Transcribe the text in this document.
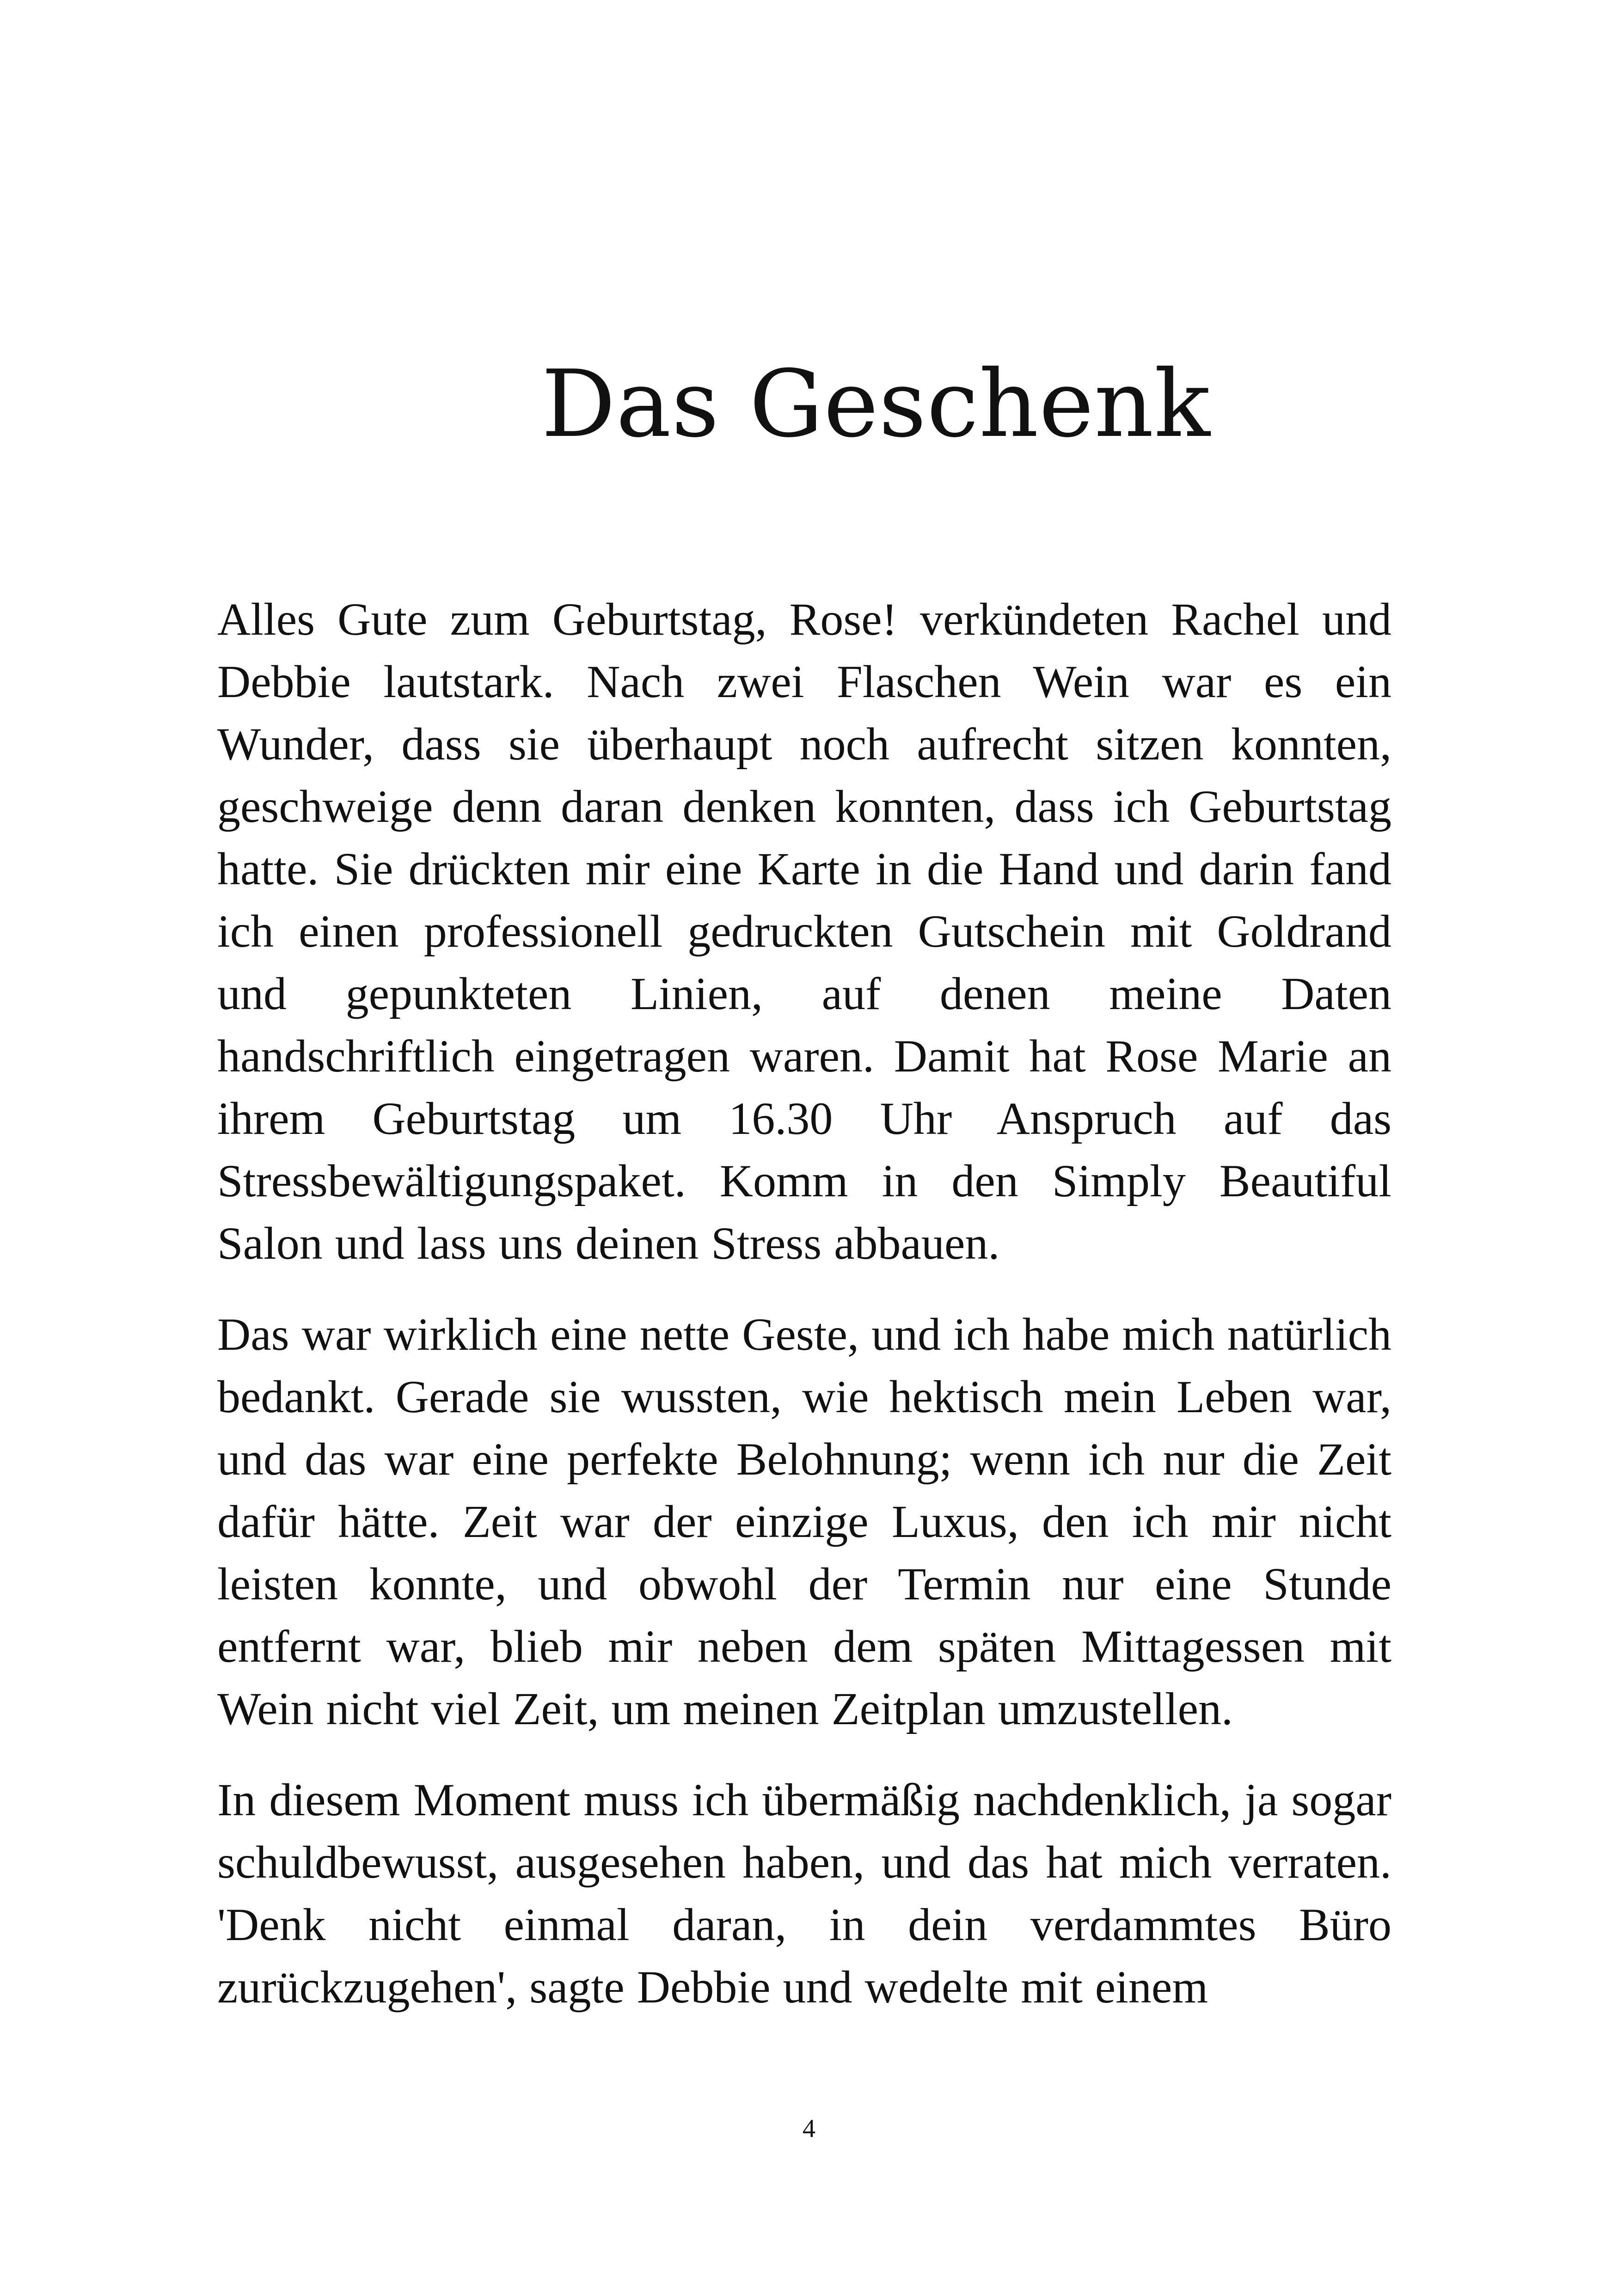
Das Geschenk

Alles Gute zum Geburtstag, Rose! verkündeten Rachel und Debbie lautstark. Nach zwei Flaschen Wein war es ein Wunder, dass sie überhaupt noch aufrecht sitzen konnten, geschweige denn daran denken konnten, dass ich Geburtstag hatte. Sie drückten mir eine Karte in die Hand und darin fand ich einen professionell gedruckten Gutschein mit Goldrand und gepunkteten Linien, auf denen meine Daten handschriftlich eingetragen waren. Damit hat Rose Marie an ihrem Geburtstag um 16.30 Uhr Anspruch auf das Stressbewältigungspaket. Komm in den Simply Beautiful Salon und lass uns deinen Stress abbauen.

Das war wirklich eine nette Geste, und ich habe mich natürlich bedankt. Gerade sie wussten, wie hektisch mein Leben war, und das war eine perfekte Belohnung; wenn ich nur die Zeit dafür hätte. Zeit war der einzige Luxus, den ich mir nicht leisten konnte, und obwohl der Termin nur eine Stunde entfernt war, blieb mir neben dem späten Mittagessen mit Wein nicht viel Zeit, um meinen Zeitplan umzustellen.

In diesem Moment muss ich übermäßig nachdenklich, ja sogar schuldbewusst, ausgesehen haben, und das hat mich verraten. 'Denk nicht einmal daran, in dein verdammtes Büro zurückzugehen', sagte Debbie und wedelte mit einem

4
